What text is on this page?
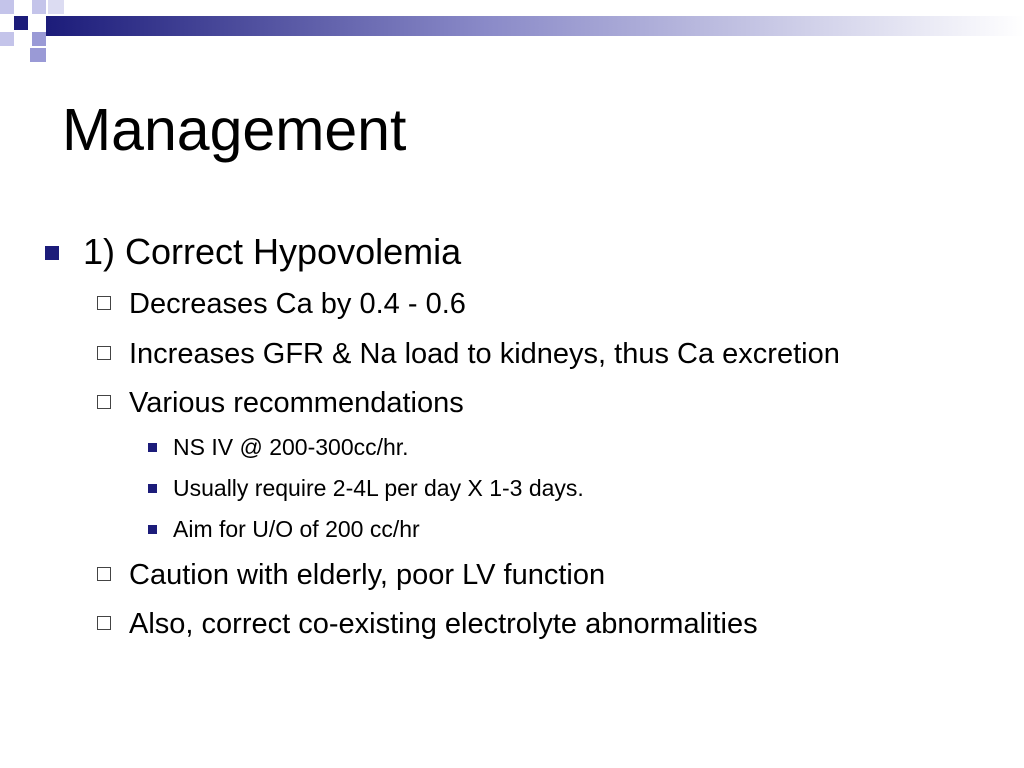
Management
1) Correct Hypovolemia
Decreases Ca by 0.4 - 0.6
Increases GFR & Na load to kidneys, thus Ca excretion
Various recommendations
NS IV @ 200-300cc/hr.
Usually require 2-4L per day X 1-3 days.
Aim for U/O of 200 cc/hr
Caution with elderly, poor LV function
Also, correct co-existing electrolyte abnormalities
